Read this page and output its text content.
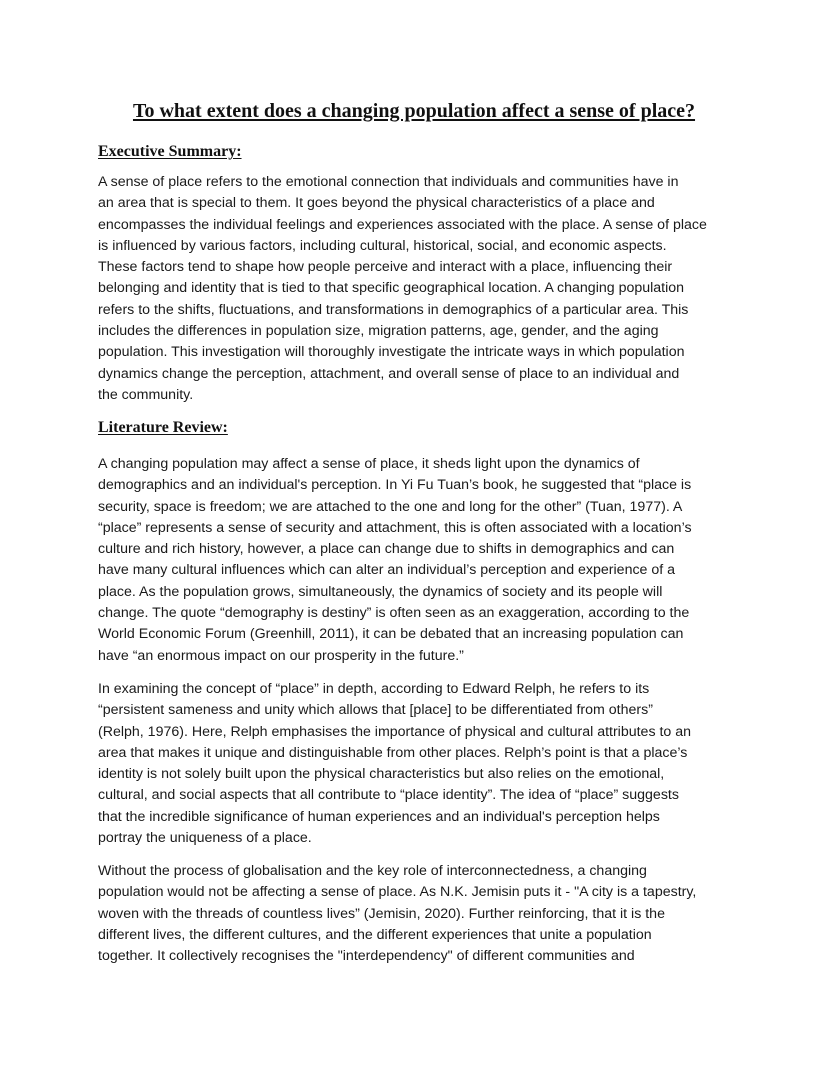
To what extent does a changing population affect a sense of place?
Executive Summary:

A sense of place refers to the emotional connection that individuals and communities have in
an area that is special to them. It goes beyond the physical characteristics of a place and
encompasses the individual feelings and experiences associated with the place. A sense of place
is influenced by various factors, including cultural, historical, social, and economic aspects.
These factors tend to shape how people perceive and interact with a place, influencing their
belonging and identity that is tied to that specific geographical location. A changing population
refers to the shifts, fluctuations, and transformations in demographics of a particular area. This
includes the differences in population size, migration patterns, age, gender, and the aging
population. This investigation will thoroughly investigate the intricate ways in which population
dynamics change the perception, attachment, and overall sense of place to an individual and
the community.

Literature Review:

A changing population may affect a sense of place, it sheds light upon the dynamics of
demographics and an individual's perception. In Yi Fu Tuan’s book, he suggested that “place is
security, space is freedom; we are attached to the one and long for the other” (Tuan, 1977). A
“place” represents a sense of security and attachment, this is often associated with a location’s
culture and rich history, however, a place can change due to shifts in demographics and can
have many cultural influences which can alter an individual’s perception and experience of a
place. As the population grows, simultaneously, the dynamics of society and its people will
change. The quote “demography is destiny” is often seen as an exaggeration, according to the
World Economic Forum (Greenhill, 2011), it can be debated that an increasing population can
have “an enormous impact on our prosperity in the future.”

In examining the concept of “place” in depth, according to Edward Relph, he refers to its
“persistent sameness and unity which allows that [place] to be differentiated from others”
(Relph, 1976). Here, Relph emphasises the importance of physical and cultural attributes to an
area that makes it unique and distinguishable from other places. Relph’s point is that a place’s
identity is not solely built upon the physical characteristics but also relies on the emotional,
cultural, and social aspects that all contribute to “place identity”. The idea of “place” suggests
that the incredible significance of human experiences and an individual's perception helps
portray the uniqueness of a place.

Without the process of globalisation and the key role of interconnectedness, a changing
population would not be affecting a sense of place. As N.K. Jemisin puts it - "A city is a tapestry,
woven with the threads of countless lives” (Jemisin, 2020). Further reinforcing, that it is the
different lives, the different cultures, and the different experiences that unite a population
together. It collectively recognises the "interdependency" of different communities and
